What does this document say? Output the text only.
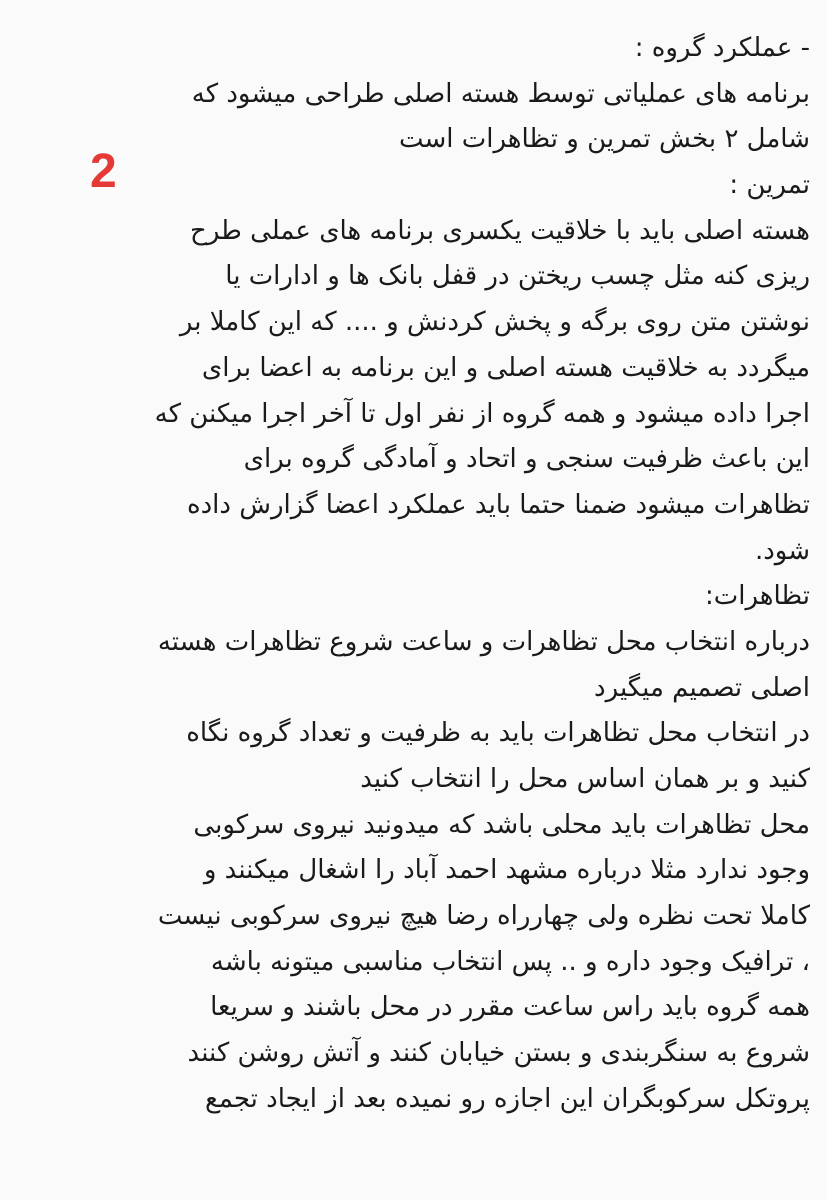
2
- عملکرد گروه :
برنامه های عملیاتی توسط هسته اصلی طراحی میشود که
شامل ۲ بخش تمرین و تظاهرات است
تمرین :
هسته اصلی باید با خلاقیت یکسری برنامه های عملی طرح
ریزی کنه مثل چسب ریختن در قفل بانک ها و ادارات یا
نوشتن متن روی برگه و پخش کردنش و .... که این کاملا بر
میگردد به خلاقیت هسته اصلی و این برنامه به اعضا برای
اجرا داده میشود و همه گروه از نفر اول تا آخر اجرا میکنن که
این باعث ظرفیت سنجی و اتحاد و آمادگی گروه برای
تظاهرات میشود ضمنا حتما باید عملکرد اعضا گزارش داده
شود.
تظاهرات:
درباره انتخاب محل تظاهرات و ساعت شروع تظاهرات هسته
اصلی تصمیم میگیرد
در انتخاب محل تظاهرات باید به ظرفیت و تعداد گروه نگاه
کنید و بر همان اساس محل را انتخاب کنید
محل تظاهرات باید محلی باشد که میدونید نیروی سرکوبی
وجود ندارد مثلا درباره مشهد احمد آباد را اشغال میکنند و
کاملا تحت نظره ولی چهارراه رضا هیچ نیروی سرکوبی نیست
، ترافیک وجود داره و .. پس انتخاب مناسبی میتونه باشه
همه گروه باید راس ساعت مقرر در محل باشند و سریعا
شروع به سنگربندی و بستن خیابان کنند و آتش روشن کنند
پروتکل سرکوبگران این اجازه رو نمیده بعد از ایجاد تجمع
